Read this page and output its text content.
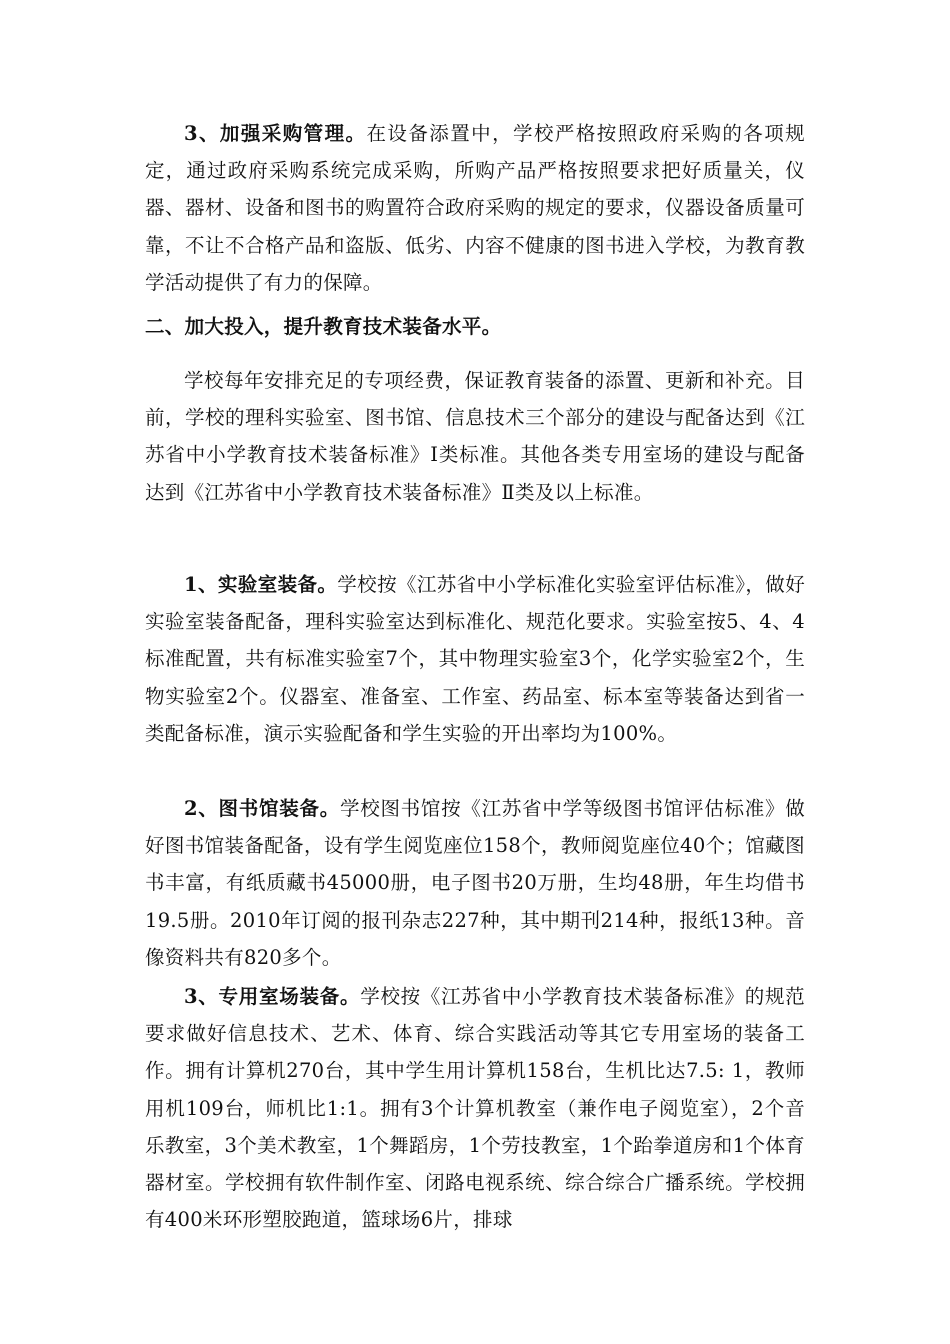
3、加强采购管理。在设备添置中，学校严格按照政府采购的各项规定，通过政府采购系统完成采购，所购产品严格按照要求把好质量关，仪器、器材、设备和图书的购置符合政府采购的规定的要求，仪器设备质量可靠，不让不合格产品和盗版、低劣、内容不健康的图书进入学校，为教育教学活动提供了有力的保障。
二、加大投入，提升教育技术装备水平。
学校每年安排充足的专项经费，保证教育装备的添置、更新和补充。目前，学校的理科实验室、图书馆、信息技术三个部分的建设与配备达到《江苏省中小学教育技术装备标准》Ⅰ类标准。其他各类专用室场的建设与配备达到《江苏省中小学教育技术装备标准》Ⅱ类及以上标准。
1、实验室装备。学校按《江苏省中小学标准化实验室评估标准》，做好实验室装备配备，理科实验室达到标准化、规范化要求。实验室按5、4、4标准配置，共有标准实验室7个，其中物理实验室3个，化学实验室2个，生物实验室2个。仪器室、准备室、工作室、药品室、标本室等装备达到省一类配备标准，演示实验配备和学生实验的开出率均为100%。
2、图书馆装备。学校图书馆按《江苏省中学等级图书馆评估标准》做好图书馆装备配备，设有学生阅览座位158个，教师阅览座位40个；馆藏图书丰富，有纸质藏书45000册，电子图书20万册，生均48册，年生均借书19.5册。2010年订阅的报刊杂志227种，其中期刊214种，报纸13种。音像资料共有820多个。
3、专用室场装备。学校按《江苏省中小学教育技术装备标准》的规范要求做好信息技术、艺术、体育、综合实践活动等其它专用室场的装备工作。拥有计算机270台，其中学生用计算机158台，生机比达7.5: 1，教师用机109台，师机比1:1。拥有3个计算机教室（兼作电子阅览室），2个音乐教室，3个美术教室，1个舞蹈房，1个劳技教室，1个跆拳道房和1个体育器材室。学校拥有软件制作室、闭路电视系统、综合综合广播系统。学校拥有400米环形塑胶跑道，篮球场6片，排球
